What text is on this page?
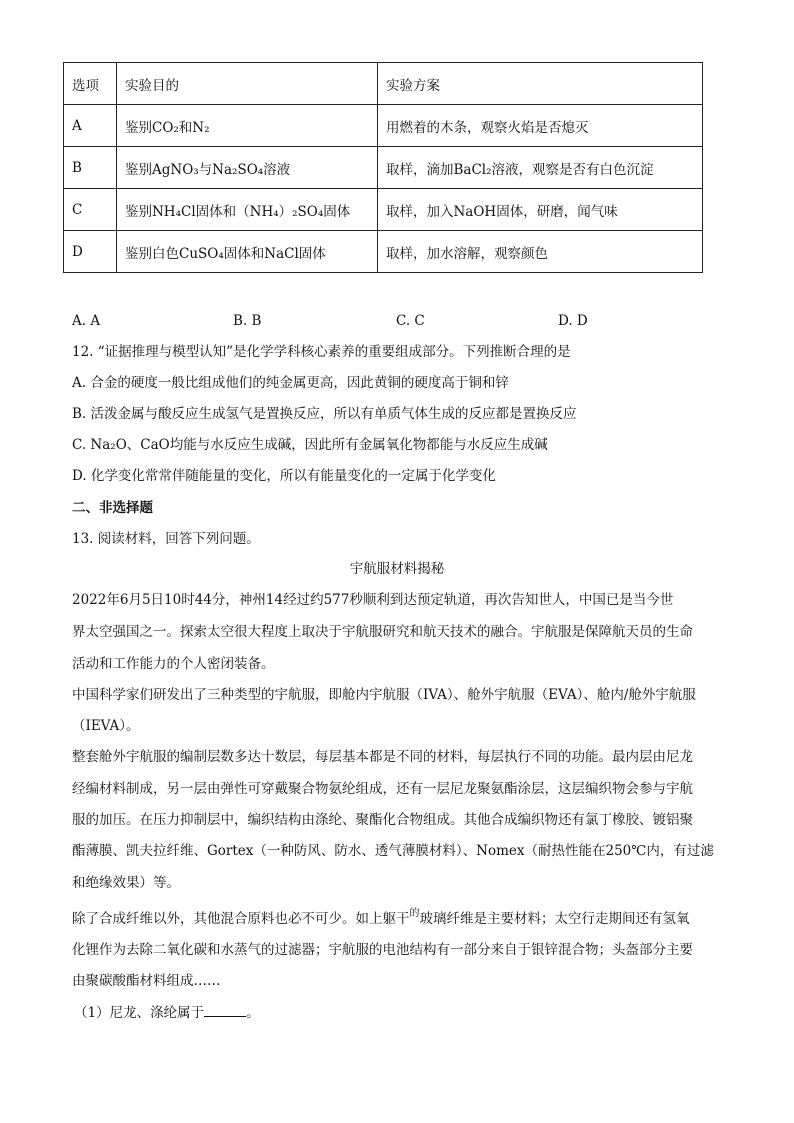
选项	实验目的	实验方案
A	鉴别CO₂和N₂	用燃着的木条，观察火焰是否熄灭
B	鉴别AgNO₃与Na₂SO₄溶液	取样，滴加BaCl₂溶液，观察是否有白色沉淀
C	鉴别NH₄Cl固体和（NH₄）₂SO₄固体	取样，加入NaOH固体，研磨，闻气味
D	鉴别白色CuSO₄固体和NaCl固体	取样，加水溶解，观察颜色
A. A	B. B	C. C	D. D
12. “证据推理与模型认知”是化学学科核心素养的重要组成部分。下列推断合理的是
A. 合金的硬度一般比组成他们的纯金属更高，因此黄铜的硬度高于铜和锌
B. 活泼金属与酸反应生成氢气是置换反应，所以有单质气体生成的反应都是置换反应
C. Na₂O、CaO均能与水反应生成碱，因此所有金属氧化物都能与水反应生成碱
D. 化学变化常常伴随能量的变化，所以有能量变化的一定属于化学变化
二、非选择题
13. 阅读材料，回答下列问题。
宇航服材料揭秘
2022年6月5日10时44分，神州14经过约577秒顺利到达预定轨道，再次告知世人，中国已是当今世
界太空强国之一。探索太空很大程度上取决于宇航服研究和航天技术的融合。宇航服是保障航天员的生命
活动和工作能力的个人密闭装备。
中国科学家们研发出了三种类型的宇航服，即舱内宇航服（IVA）、舱外宇航服（EVA）、舱内/舱外宇航服
（IEVA）。
整套舱外宇航服的编制层数多达十数层，每层基本都是不同的材料，每层执行不同的功能。最内层由尼龙
经编材料制成，另一层由弹性可穿戴聚合物氨纶组成，还有一层尼龙聚氨酯涂层，这层编织物会参与宇航
服的加压。在压力抑制层中，编织结构由涤纶、聚酯化合物组成。其他合成编织物还有氯丁橡胶、镀铝聚
酯薄膜、凯夫拉纤维、Gortex（一种防风、防水、透气薄膜材料）、Nomex（耐热性能在250℃内，有过滤
和绝缘效果）等。
除了合成纤维以外，其他混合原料也必不可少。如上躯干$^的$玻璃纤维是主要材料；太空行走期间还有氢氧
化锂作为去除二氧化碳和水蒸气的过滤器；宇航服的电池结构有一部分来自于银锌混合物；头盔部分主要
由聚碳酸酯材料组成……
（1）尼龙、涤纶属于	。
